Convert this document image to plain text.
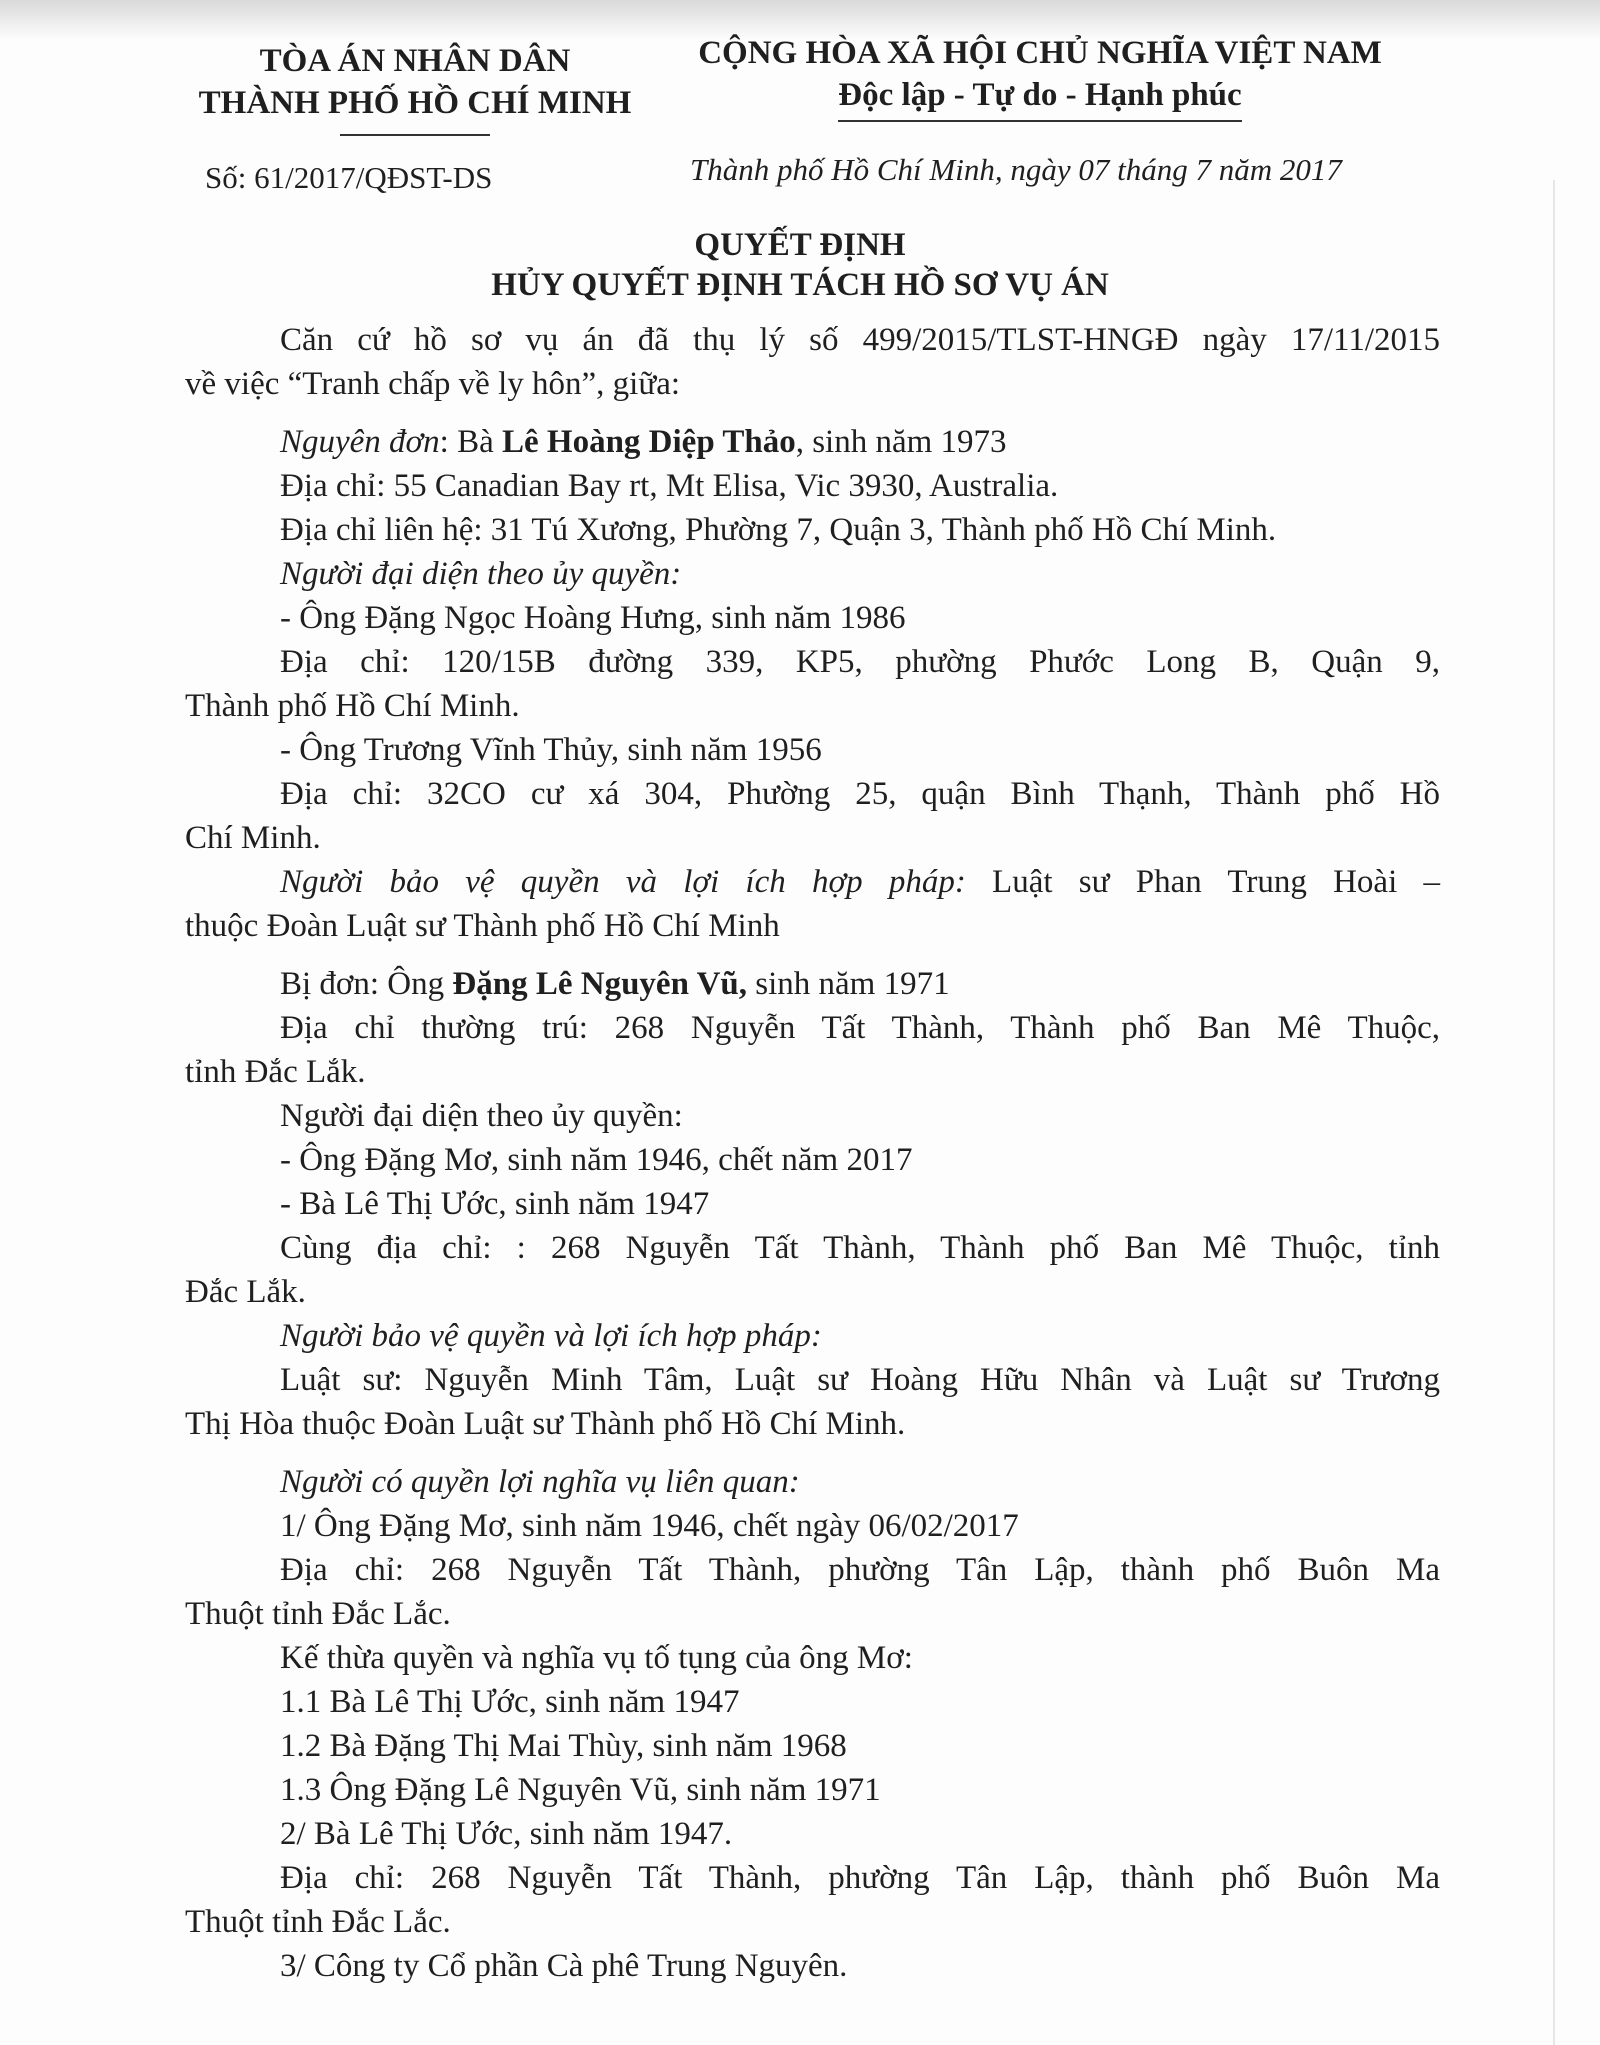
TÒA ÁN NHÂN DÂN
THÀNH PHỐ HỒ CHÍ MINH
CỘNG HÒA XÃ HỘI CHỦ NGHĨA VIỆT NAM
Độc lập - Tự do - Hạnh phúc
Số: 61/2017/QĐST-DS	Thành phố Hồ Chí Minh, ngày 07 tháng 7 năm 2017
QUYẾT ĐỊNH
HỦY QUYẾT ĐỊNH TÁCH HỒ SƠ VỤ ÁN

Căn cứ hồ sơ vụ án đã thụ lý số 499/2015/TLST-HNGĐ ngày 17/11/2015

về việc “Tranh chấp về ly hôn”, giữa:

Nguyên đơn: Bà Lê Hoàng Diệp Thảo, sinh năm 1973

Địa chỉ: 55 Canadian Bay rt, Mt Elisa, Vic 3930, Australia.

Địa chỉ liên hệ: 31 Tú Xương, Phường 7, Quận 3, Thành phố Hồ Chí Minh.

Người đại diện theo ủy quyền:

- Ông Đặng Ngọc Hoàng Hưng, sinh năm 1986

Địa chỉ: 120/15B đường 339, KP5, phường Phước Long B, Quận 9,

Thành phố Hồ Chí Minh.

- Ông Trương Vĩnh Thủy, sinh năm 1956

Địa chỉ: 32CO cư xá 304, Phường 25, quận Bình Thạnh, Thành phố Hồ

Chí Minh.

Người bảo vệ quyền và lợi ích hợp pháp: Luật sư Phan Trung Hoài –

thuộc Đoàn Luật sư Thành phố Hồ Chí Minh

Bị đơn: Ông Đặng Lê Nguyên Vũ, sinh năm 1971

Địa chỉ thường trú: 268 Nguyễn Tất Thành, Thành phố Ban Mê Thuộc,

tỉnh Đắc Lắk.

Người đại diện theo ủy quyền:

- Ông Đặng Mơ, sinh năm 1946, chết năm 2017

- Bà Lê Thị Ước, sinh năm 1947

Cùng địa chỉ: : 268 Nguyễn Tất Thành, Thành phố Ban Mê Thuộc, tỉnh

Đắc Lắk.

Người bảo vệ quyền và lợi ích hợp pháp:

Luật sư: Nguyễn Minh Tâm, Luật sư Hoàng Hữu Nhân và Luật sư Trương

Thị Hòa thuộc Đoàn Luật sư Thành phố Hồ Chí Minh.

Người có quyền lợi nghĩa vụ liên quan:

1/ Ông Đặng Mơ, sinh năm 1946, chết ngày 06/02/2017

Địa chỉ: 268 Nguyễn Tất Thành, phường Tân Lập, thành phố Buôn Ma

Thuột tỉnh Đắc Lắc.

Kế thừa quyền và nghĩa vụ tố tụng của ông Mơ:

1.1 Bà Lê Thị Ước, sinh năm 1947

1.2 Bà Đặng Thị Mai Thùy, sinh năm 1968

1.3 Ông Đặng Lê Nguyên Vũ, sinh năm 1971

2/ Bà Lê Thị Ước, sinh năm 1947.

Địa chỉ: 268 Nguyễn Tất Thành, phường Tân Lập, thành phố Buôn Ma

Thuột tỉnh Đắc Lắc.

3/ Công ty Cổ phần Cà phê Trung Nguyên.
